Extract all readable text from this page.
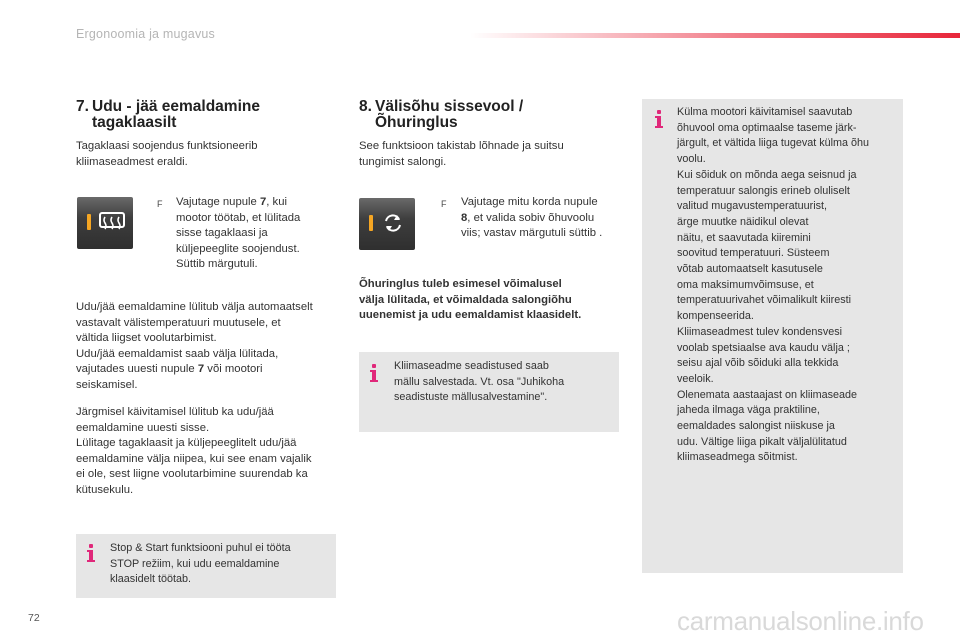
Ergonoomia ja mugavus
7. Udu - jää eemaldamine
tagaklaasilt
Tagaklaasi soojendus funktsioneerib
kliimaseadmest eraldi.
F Vajutage nupule 7, kui
mootor töötab, et lülitada
sisse tagaklaasi ja
küljepeeglite soojendust.
Süttib märgutuli.
Udu/jää eemaldamine lülitub välja automaatselt
vastavalt välistemperatuuri muutusele, et
vältida liigset voolutarbimist.
Udu/jää eemaldamist saab välja lülitada,
vajutades uuesti nupule 7 või mootori
seiskamisel.
Järgmisel käivitamisel lülitub ka udu/jää
eemaldamine uuesti sisse.
Lülitage tagaklaasit ja küljepeeglitelt udu/jää
eemaldamine välja niipea, kui see enam vajalik
ei ole, sest liigne voolutarbimine suurendab ka
kütusekulu.
Stop & Start funktsiooni puhul ei tööta
STOP režiim, kui udu eemaldamine
klaasidelt töötab.
8. Välisõhu sissevool /
Õhuringlus
See funktsioon takistab lõhnade ja suitsu
tungimist salongi.
F Vajutage mitu korda nupule
8, et valida sobiv õhuvoolu
viis; vastav märgutuli süttib .
Õhuringlus tuleb esimesel võimalusel
välja lülitada, et võimaldada salongiõhu
uuenemist ja udu eemaldamist klaasidelt.
Kliimaseadme seadistused saab
mällu salvestada. Vt. osa "Juhikoha
seadistuste mällusalvestamine".
Külma mootori käivitamisel saavutab
õhuvool oma optimaalse taseme järk-
järgult, et vältida liiga tugevat külma õhu
voolu.
Kui sõiduk on mõnda aega seisnud ja
temperatuur salongis erineb oluliselt
valitud mugavustemperatuurist,
ärge muutke näidikul olevat
näitu, et saavutada kiiremini
soovitud temperatuuri. Süsteem
võtab automaatselt kasutusele
oma maksimumvõimsuse, et
temperatuurivahet võimalikult kiiresti
kompenseerida.
Kliimaseadmest tulev kondensvesi
voolab spetsiaalse ava kaudu välja ;
seisu ajal võib sõiduki alla tekkida
veeloik.
Olenemata aastaajast on kliimaseade
jaheda ilmaga väga praktiline,
eemaldades salongist niiskuse ja
udu. Vältige liiga pikalt väljalülitatud
kliimaseadmega sõitmist.
72	carmanualsonline.info
